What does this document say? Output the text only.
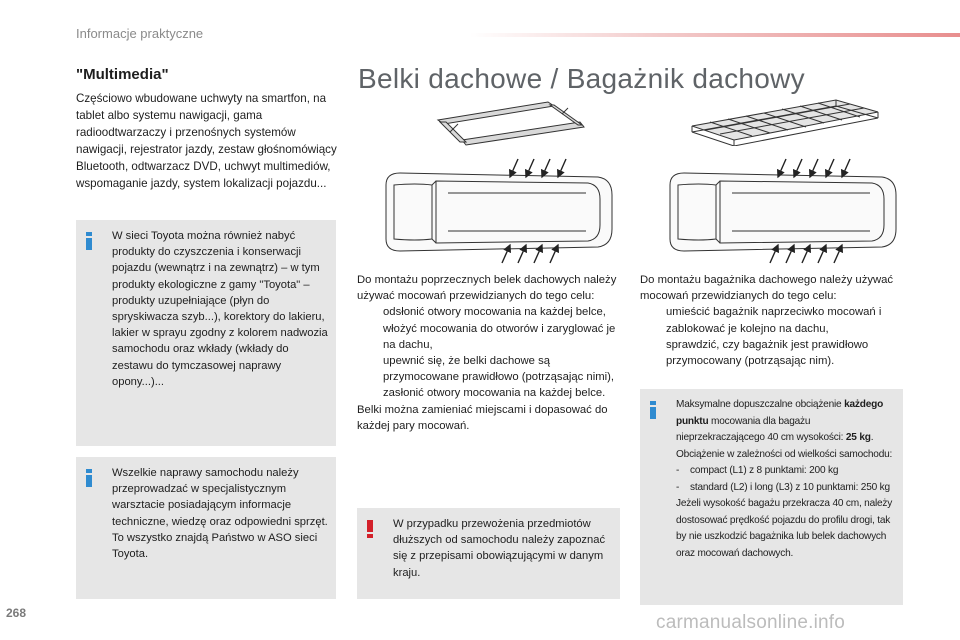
Informacje praktyczne
"Multimedia"
Częściowo wbudowane uchwyty na smartfon, na tablet albo systemu nawigacji, gama radioodtwarzaczy i przenośnych systemów nawigacji, rejestrator jazdy, zestaw głośnomówiący Bluetooth, odtwarzacz DVD, uchwyt multimediów, wspomaganie jazdy, system lokalizacji pojazdu...
W sieci Toyota można również nabyć produkty do czyszczenia i konserwacji pojazdu (wewnątrz i na zewnątrz) – w tym produkty ekologiczne z gamy "Toyota" – produkty uzupełniające (płyn do spryskiwacza szyb...), korektory do lakieru, lakier w sprayu zgodny z kolorem nadwozia samochodu oraz wkłady (wkłady do zestawu do tymczasowej naprawy opony...)...
Wszelkie naprawy samochodu należy przeprowadzać w specjalistycznym warsztacie posiadającym informacje techniczne, wiedzę oraz odpowiedni sprzęt. To wszystko znajdą Państwo w ASO sieci Toyota.
Belki dachowe / Bagażnik dachowy
Do montażu poprzecznych belek dachowych należy używać mocowań przewidzianych do tego celu:
odsłonić otwory mocowania na każdej belce,
włożyć mocowania do otworów i zaryglować je na dachu,
upewnić się, że belki dachowe są przymocowane prawidłowo (potrząsając nimi),
zasłonić otwory mocowania na każdej belce.
Belki można zamieniać miejscami i dopasować do każdej pary mocowań.
W przypadku przewożenia przedmiotów dłuższych od samochodu należy zapoznać się z przepisami obowiązującymi w danym kraju.
Do montażu bagażnika dachowego należy używać mocowań przewidzianych do tego celu:
umieścić bagażnik naprzeciwko mocowań i zablokować je kolejno na dachu,
sprawdzić, czy bagażnik jest prawidłowo przymocowany (potrząsając nim).
Maksymalne dopuszczalne obciążenie każdego punktu mocowania dla bagażu nieprzekraczającego 40 cm wysokości: 25 kg.
Obciążenie w zależności od wielkości samochodu:
- compact (L1) z 8 punktami: 200 kg
- standard (L2) i long (L3) z 10 punktami: 250 kg
Jeżeli wysokość bagażu przekracza 40 cm, należy dostosować prędkość pojazdu do profilu drogi, tak by nie uszkodzić bagażnika lub belek dachowych oraz mocowań dachowych.
268	carmanualsonline.info
